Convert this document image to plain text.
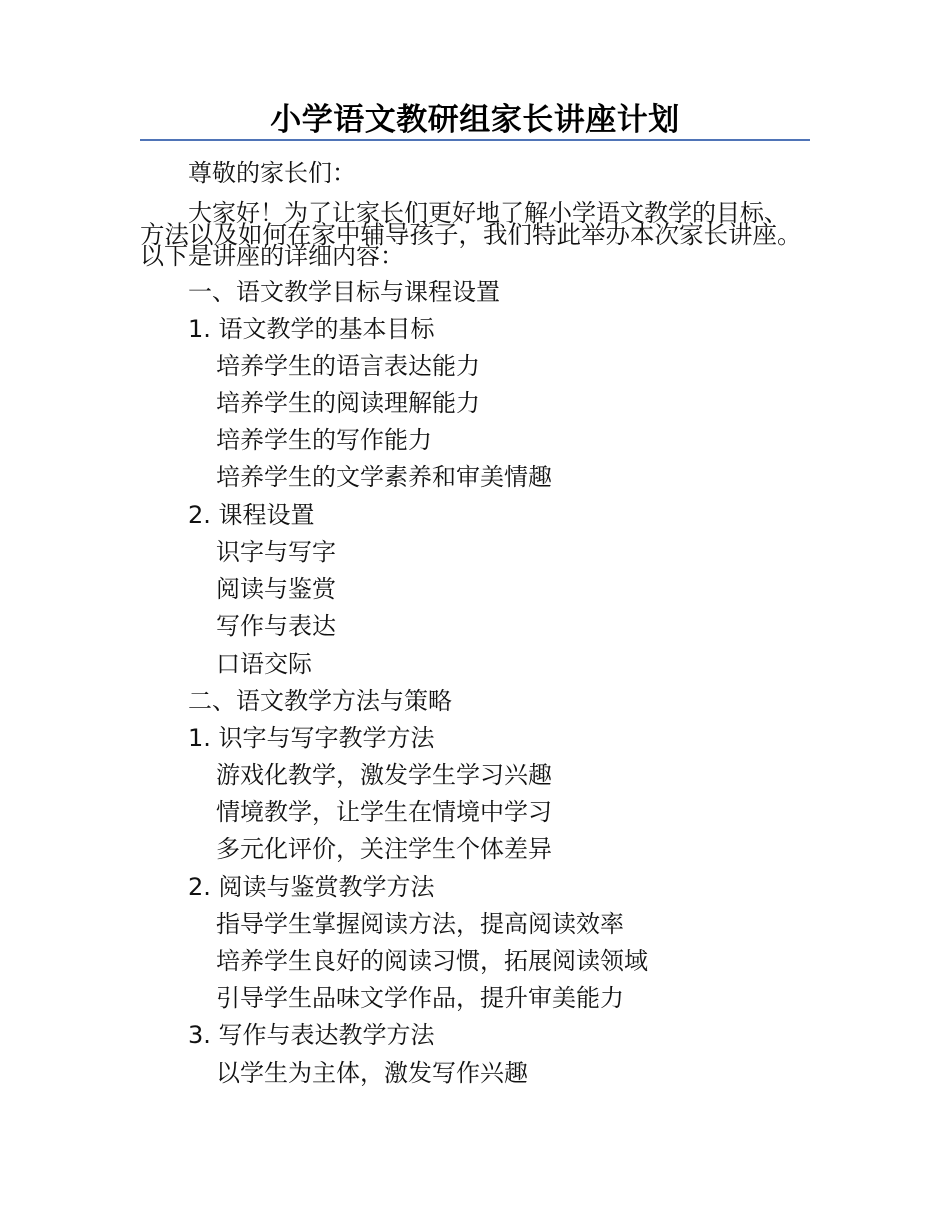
小学语文教研组家长讲座计划
尊敬的家长们：
大家好！为了让家长们更好地了解小学语文教学的目标、
方法以及如何在家中辅导孩子，我们特此举办本次家长讲座。
以下是讲座的详细内容：
一、语文教学目标与课程设置
1. 语文教学的基本目标
培养学生的语言表达能力
培养学生的阅读理解能力
培养学生的写作能力
培养学生的文学素养和审美情趣
2. 课程设置
识字与写字
阅读与鉴赏
写作与表达
口语交际
二、语文教学方法与策略
1. 识字与写字教学方法
游戏化教学，激发学生学习兴趣
情境教学，让学生在情境中学习
多元化评价，关注学生个体差异
2. 阅读与鉴赏教学方法
指导学生掌握阅读方法，提高阅读效率
培养学生良好的阅读习惯，拓展阅读领域
引导学生品味文学作品，提升审美能力
3. 写作与表达教学方法
以学生为主体，激发写作兴趣
